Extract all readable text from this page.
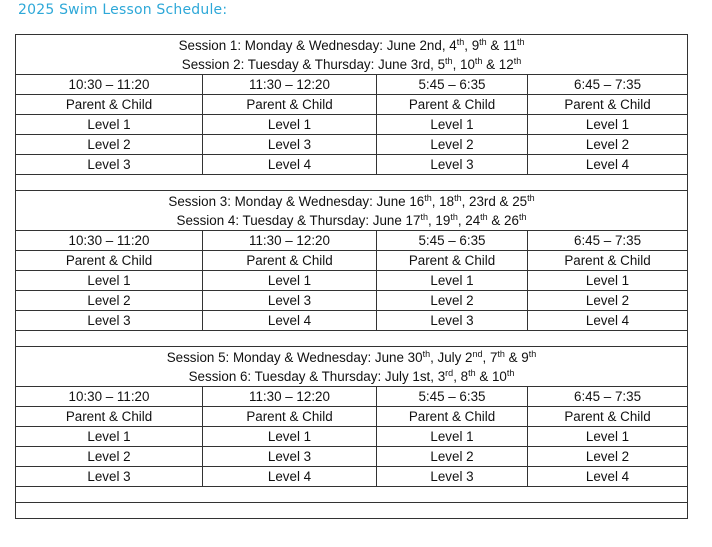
2025 Swim Lesson Schedule:
Session 1: Monday & Wednesday: June 2nd, 4th, 9th & 11th
Session 2: Tuesday & Thursday: June 3rd, 5th, 10th & 12th

10:30 – 11:20	11:30 – 12:20	5:45 – 6:35	6:45 – 7:35
Parent & Child	Parent & Child	Parent & Child	Parent & Child
Level 1	Level 1	Level 1	Level 1
Level 2	Level 3	Level 2	Level 2
Level 3	Level 4	Level 3	Level 4

Session 3: Monday & Wednesday: June 16th, 18th, 23rd & 25th
Session 4: Tuesday & Thursday: June 17th, 19th, 24th & 26th

10:30 – 11:20	11:30 – 12:20	5:45 – 6:35	6:45 – 7:35
Parent & Child	Parent & Child	Parent & Child	Parent & Child
Level 1	Level 1	Level 1	Level 1
Level 2	Level 3	Level 2	Level 2
Level 3	Level 4	Level 3	Level 4

Session 5: Monday & Wednesday: June 30th, July 2nd, 7th & 9th
Session 6: Tuesday & Thursday: July 1st, 3rd, 8th & 10th

10:30 – 11:20	11:30 – 12:20	5:45 – 6:35	6:45 – 7:35
Parent & Child	Parent & Child	Parent & Child	Parent & Child
Level 1	Level 1	Level 1	Level 1
Level 2	Level 3	Level 2	Level 2
Level 3	Level 4	Level 3	Level 4
